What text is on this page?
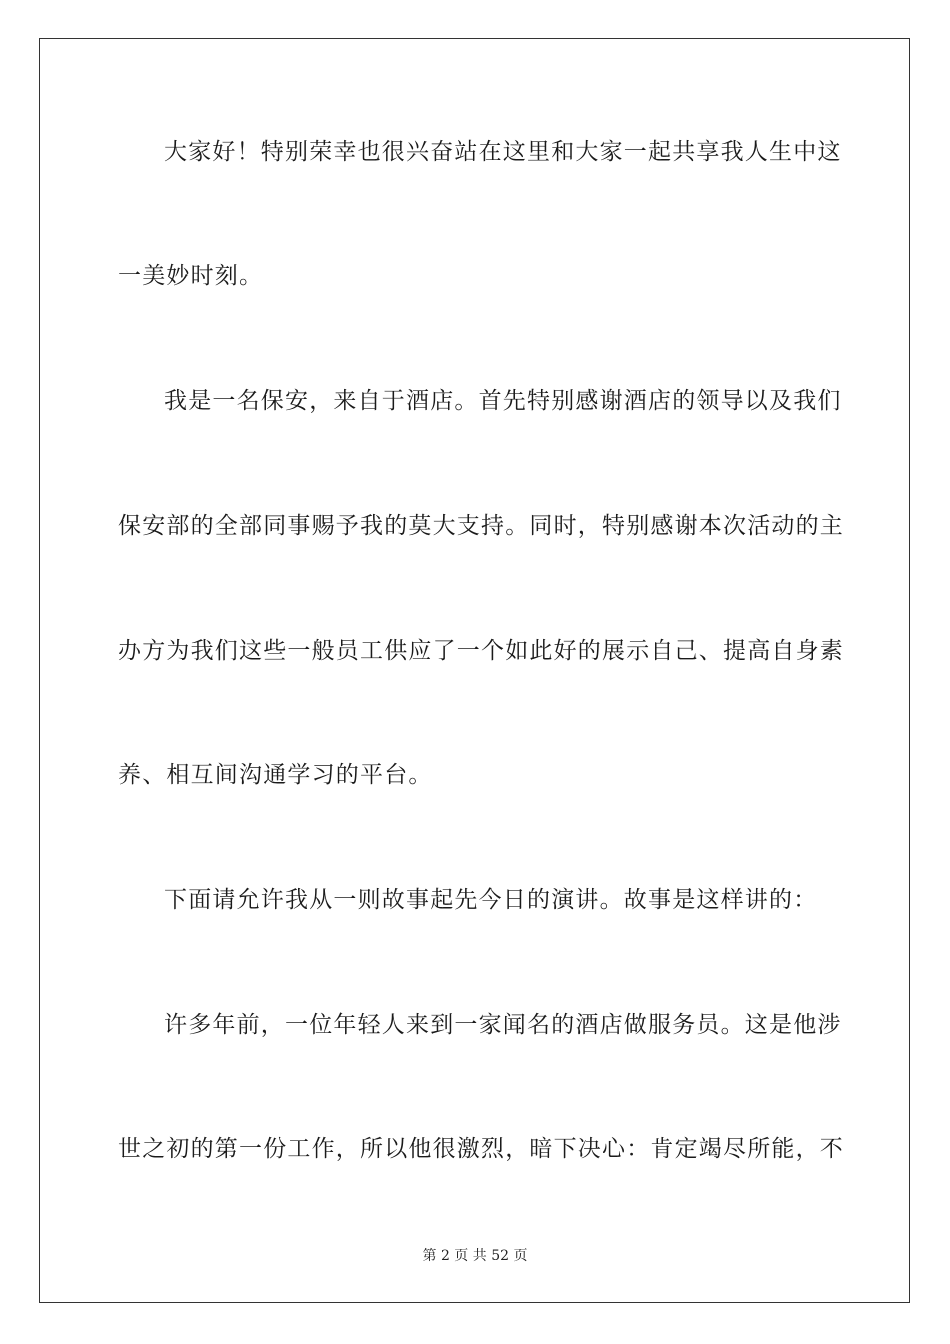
大家好！特别荣幸也很兴奋站在这里和大家一起共享我人生中这
一美妙时刻。
我是一名保安，来自于酒店。首先特别感谢酒店的领导以及我们
保安部的全部同事赐予我的莫大支持。同时，特别感谢本次活动的主
办方为我们这些一般员工供应了一个如此好的展示自己、提高自身素
养、相互间沟通学习的平台。
下面请允许我从一则故事起先今日的演讲。故事是这样讲的：
许多年前，一位年轻人来到一家闻名的酒店做服务员。这是他涉
世之初的第一份工作，所以他很激烈，暗下决心：肯定竭尽所能，不
第 2 页 共 52 页
